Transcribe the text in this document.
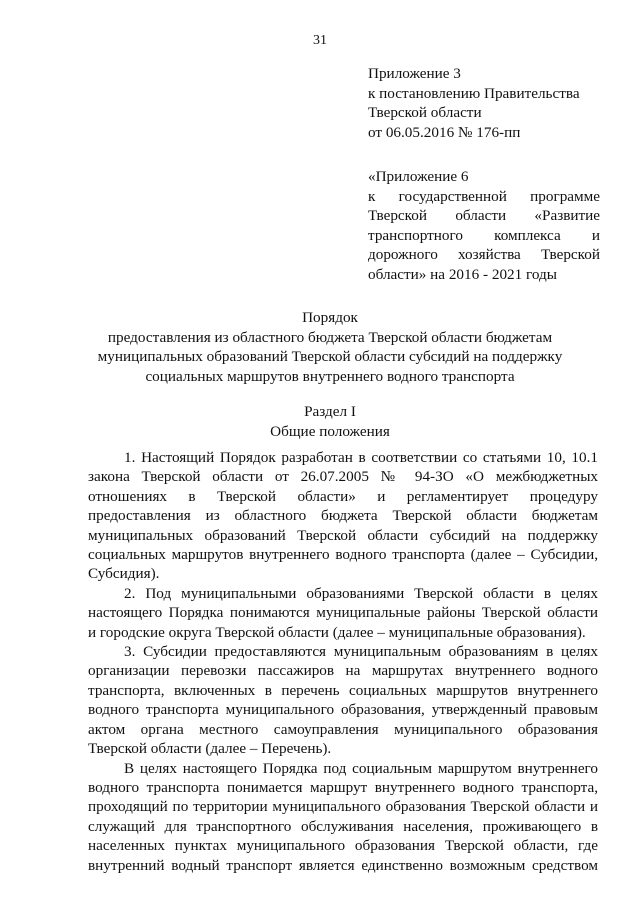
31
Приложение 3
к постановлению Правительства
Тверской области
от 06.05.2016 № 176-пп
«Приложение 6
к государственной программе
Тверской области «Развитие
транспортного комплекса и
дорожного хозяйства Тверской
области» на 2016 - 2021 годы
Порядок
предоставления из областного бюджета Тверской области бюджетам
муниципальных образований Тверской области субсидий на поддержку
социальных маршрутов внутреннего водного транспорта
Раздел I
Общие положения
1. Настоящий Порядок разработан в соответствии со статьями 10, 10.1
закона Тверской области от 26.07.2005 № 94-ЗО «О межбюджетных
отношениях в Тверской области» и регламентирует процедуру
предоставления из областного бюджета Тверской области бюджетам
муниципальных образований Тверской области субсидий на поддержку
социальных маршрутов внутреннего водного транспорта (далее – Субсидии,
Субсидия).
2. Под муниципальными образованиями Тверской области в целях
настоящего Порядка понимаются муниципальные районы Тверской области
и городские округа Тверской области (далее – муниципальные образования).
3. Субсидии предоставляются муниципальным образованиям в целях
организации перевозки пассажиров на маршрутах внутреннего водного
транспорта, включенных в перечень социальных маршрутов внутреннего
водного транспорта муниципального образования, утвержденный правовым
актом органа местного самоуправления муниципального образования
Тверской области (далее – Перечень).
В целях настоящего Порядка под социальным маршрутом внутреннего
водного транспорта понимается маршрут внутреннего водного транспорта,
проходящий по территории муниципального образования Тверской области и
служащий для транспортного обслуживания населения, проживающего в
населенных пунктах муниципального образования Тверской области, где
внутренний водный транспорт является единственно возможным средством
